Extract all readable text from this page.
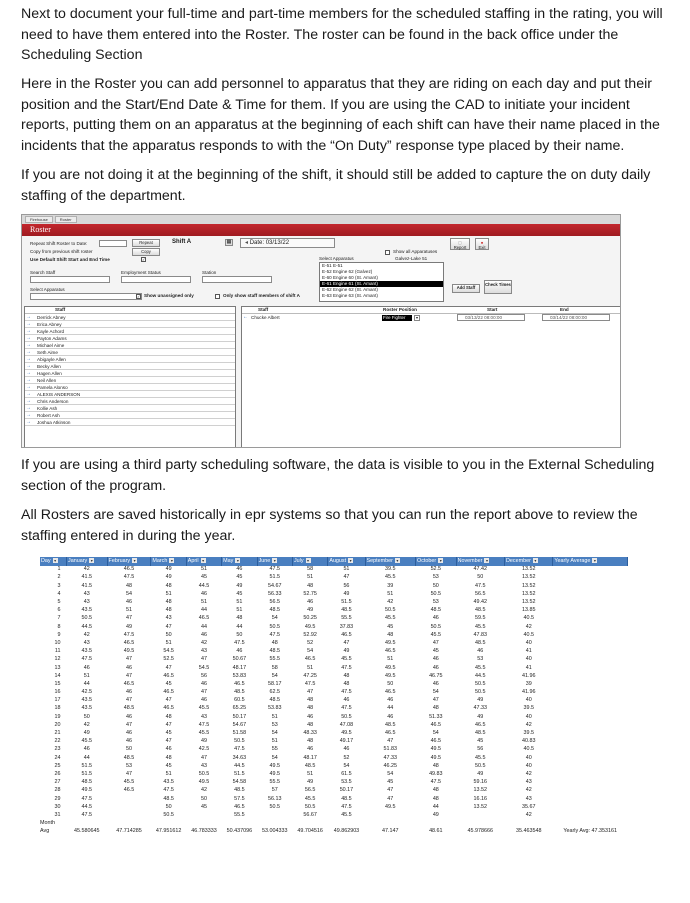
Next to document your full-time and part-time members for the scheduled staffing in the rating, you will need to have them entered into the Roster. The roster can be found in the back office under the Scheduling Section
Here in the Roster you can add personnel to apparatus that they are riding on each day and put their position and the Start/End Date & Time for them. If you are using the CAD to initiate your incident reports, putting them on an apparatus at the beginning of each shift can have their name placed in the incidents that the apparatus responds to with the “On Duty” response type placed by their name.
If you are not doing it at the beginning of the shift, it should still be added to capture the on duty daily staffing of the department.
Firehouse	Roster
Roster
Repeat Shift Roster to Date:	Repeat
Copy from previous shift roster	Copy
Use Default Shift Start and End Time	✓
Shift A	▦	◂ Date: 03/13/22
Select Apparatus
Show all Apparatuses
Galvez-Lake 51
E-51 E-51
E-52 Engine 62 (Galvez)
E-60 Engine 60 (St. Amant)
E-61 Engine 61 (St. Amant)
E-62 Engine 62 (St. Amant)
E-63 Engine 63 (St. Amant)
▢
Report
●
Exit
Search Staff	Employment Status	Station
Select Apparatus
✓ Show unassigned only	Only show staff members of shift A
Add Staff
Check Times
Staff
→ Derrick Abney
→ Erica Abney
→ Kayle Achord
→ Payton Adams
→ Michael Aime
→ Seth Aime
→ Abigayle Allen
→ Becky Allen
→ Hagen Allen
→ Neil Allen
→ Pamela Alonso
→ ALEXIS ANDERSON
→ Chris Anderson
→ Kollie Ash
→ Robert Ash
→ Joshua Atkinson
Staff	Roster Position	Start	End
← Chucke Albert	Fire Fighter	▾	03/13/22 08:00:00	03/14/22 08:00:00
If you are using a third party scheduling software, the data is visible to you in the External Scheduling section of the program.
All Rosters are saved historically in epr systems so that you can run the report above to review the staffing entered in during the year.
Day ▾	January ▾	February ▾	March ▾	April ▾	May ▾	June ▾	July ▾	August ▾	September ▾	October ▾	November ▾	December ▾	Yearly Average ▾
1	42	46.5	49	51	46	47.5	58	51	39.5	52.5	47.42	13.52	
2	41.5	47.5	49	45	45	51.5	51	47	45.5	53	50	13.52	
3	41.5	48	48	44.5	49	54.67	48	56	39	50	47.5	13.52	
4	43	54	51	46	45	56.33	52.75	49	51	50.5	56.5	13.52	
5	43	46	48	51	51	56.5	46	51.5	42	53	49.42	13.52	
6	43.5	51	48	44	51	48.5	49	48.5	50.5	48.5	48.5	13.85	
7	50.5	47	43	46.5	48	54	50.25	55.5	45.5	46	59.5	40.5	
8	44.5	49	47	44	44	50.5	49.5	37.83	45	50.5	45.5	42	
9	42	47.5	50	46	50	47.5	52.92	46.5	48	45.5	47.83	40.5	
10	43	46.5	51	42	47.5	48	52	47	49.5	47	48.5	40	
11	43.5	49.5	54.5	43	46	48.5	54	49	46.5	45	46	41	
12	47.5	47	52.5	47	50.67	55.5	46.5	45.5	51	46	53	40	
13	46	46	47	54.5	48.17	58	51	47.5	49.5	46	45.5	41	
14	51	47	46.5	56	53.83	54	47.25	48	49.5	46.75	44.5	41.96	
15	44	46.5	45	46	46.5	58.17	47.5	48	50	46	50.5	39	
16	42.5	46	46.5	47	48.5	62.5	47	47.5	46.5	54	50.5	41.96	
17	43.5	47	47	46	60.5	48.5	48	46	46	47	49	40	
18	43.5	48.5	46.5	45.5	65.25	53.83	48	47.5	44	48	47.33	39.5	
19	50	46	48	43	50.17	51	46	50.5	46	51.33	49	40	
20	42	47	47	47.5	54.67	53	48	47.08	48.5	46.5	46.5	42	
21	49	46	45	45.5	51.58	54	48.33	49.5	46.5	54	48.5	39.5	
22	45.5	46	47	49	50.5	51	48	49.17	47	46.5	45	40.83	
23	46	50	46	42.5	47.5	55	46	46	51.83	49.5	56	40.5	
24	44	48.5	48	47	34.63	54	48.17	52	47.33	49.5	45.5	40	
25	51.5	53	45	43	44.5	49.5	48.5	54	46.25	48	50.5	40	
26	51.5	47	51	50.5	51.5	49.5	51	61.5	54	49.83	49	42	
27	48.5	45.5	43.5	49.5	54.58	55.5	49	53.5	45	47.5	59.16	43	
28	49.5	46.5	47.5	42	48.5	57	56.5	50.17	47	48	13.52	42	
29	47.5		48.5	50	57.5	56.13	45.5	48.5	47	48	16.16	43	
30	44.5		50	45	46.5	50.5	50.5	47.5	49.5	44	13.52	35.67	
31	47.5		50.5		55.5		56.67	45.5		49		42	
Month													
Avg	45.580645	47.714285	47.951612	46.783333	50.437096	53.004333	49.704516	49.862903	47.147	48.61	45.978666	35.463548	Yearly Avg: 47.353161
